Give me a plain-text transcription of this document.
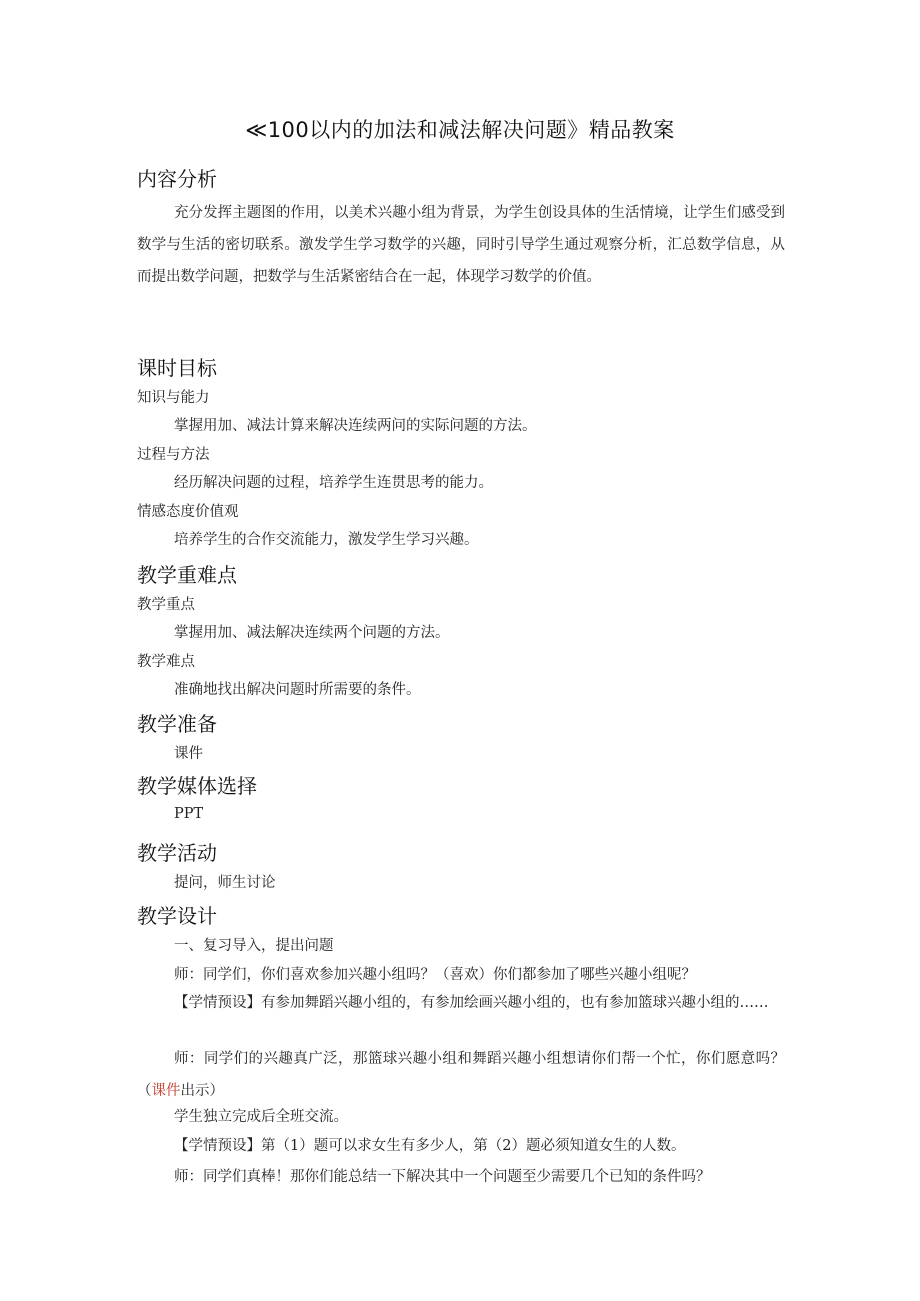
≪100以内的加法和减法解决问题》精品教案
内容分析
充分发挥主题图的作用，以美术兴趣小组为背景，为学生创设具体的生活情境，让学生们感受到数学与生活的密切联系。激发学生学习数学的兴趣，同时引导学生通过观察分析，汇总数学信息，从而提出数学问题，把数学与生活紧密结合在一起，体现学习数学的价值。
课时目标
知识与能力
掌握用加、减法计算来解决连续两问的实际问题的方法。
过程与方法
经历解决问题的过程，培养学生连贯思考的能力。
情感态度价值观
培养学生的合作交流能力，激发学生学习兴趣。
教学重难点
教学重点
掌握用加、减法解决连续两个问题的方法。
教学难点
准确地找出解决问题时所需要的条件。
教学准备
课件
教学媒体选择
PPT
教学活动
提问，师生讨论
教学设计
一、复习导入，提出问题
师：同学们，你们喜欢参加兴趣小组吗？（喜欢）你们都参加了哪些兴趣小组呢？
【学情预设】有参加舞蹈兴趣小组的，有参加绘画兴趣小组的，也有参加篮球兴趣小组的……
师：同学们的兴趣真广泛，那篮球兴趣小组和舞蹈兴趣小组想请你们帮一个忙，你们愿意吗？（课件出示）
学生独立完成后全班交流。
【学情预设】第（1）题可以求女生有多少人，第（2）题必须知道女生的人数。
师：同学们真棒！那你们能总结一下解决其中一个问题至少需要几个已知的条件吗？
